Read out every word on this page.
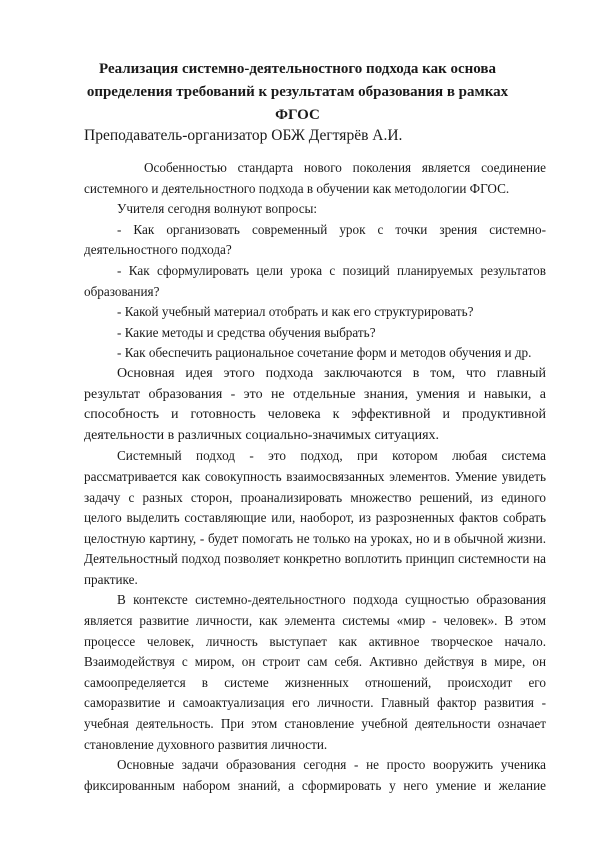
Реализация системно-деятельностного подхода как основа определения требований к результатам образования в рамках ФГОС

Преподаватель-организатор ОБЖ Дегтярёв А.И.

Особенностью стандарта нового поколения является соединение системного и деятельностного подхода в обучении как методологии ФГОС.

Учителя сегодня волнуют вопросы:

- Как организовать современный урок с точки зрения системно-деятельностного подхода?

- Как сформулировать цели урока с позиций планируемых результатов образования?

- Какой учебный материал отобрать и как его структурировать?

- Какие методы и средства обучения выбрать?

- Как обеспечить рациональное сочетание форм и методов обучения и др.

Основная идея этого подхода заключаются в том, что главный результат образования - это не отдельные знания, умения и навыки, а способность и готовность человека к эффективной и продуктивной деятельности в различных социально-значимых ситуациях.

Системный подход - это подход, при котором любая система рассматривается как совокупность взаимосвязанных элементов. Умение увидеть задачу с разных сторон, проанализировать множество решений, из единого целого выделить составляющие или, наоборот, из разрозненных фактов собрать целостную картину, - будет помогать не только на уроках, но и в обычной жизни. Деятельностный подход позволяет конкретно воплотить принцип системности на практике.

В контексте системно-деятельностного подхода сущностью образования является развитие личности, как элемента системы «мир - человек». В этом процессе человек, личность выступает как активное творческое начало. Взаимодействуя с миром, он строит сам себя. Активно действуя в мире, он самоопределяется в системе жизненных отношений, происходит его саморазвитие и самоактуализация его личности. Главный фактор развития - учебная деятельность. При этом становление учебной деятельности означает становление духовного развития личности.

Основные задачи образования сегодня - не просто вооружить ученика фиксированным набором знаний, а сформировать у него умение и желание
